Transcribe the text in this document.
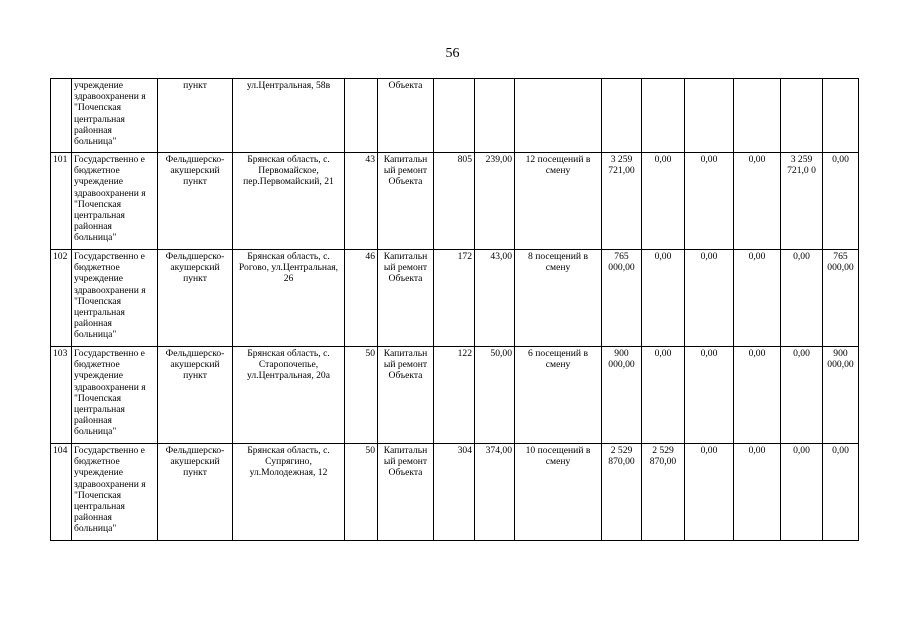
56
	учреждение здравоохранени я "Почепская центральная районная больница"	пункт	ул.Центральная, 58в		Объекта									
101	Государственно е бюджетное учреждение здравоохранени я "Почепская центральная районная больница"	Фельдшерско-акушерский пункт	Брянская область, с. Первомайское, пер.Первомайский, 21	43	Капитальн ый ремонт Объекта	805	239,00	12 посещений в смену	3 259 721,00	0,00	0,00	0,00	3 259 721,0 0	0,00
102	Государственно е бюджетное учреждение здравоохранени я "Почепская центральная районная больница"	Фельдшерско-акушерский пункт	Брянская область, с. Рогово, ул.Центральная, 26	46	Капитальн ый ремонт Объекта	172	43,00	8 посещений в смену	765 000,00	0,00	0,00	0,00	0,00	765 000,00
103	Государственно е бюджетное учреждение здравоохранени я "Почепская центральная районная больница"	Фельдшерско-акушерский пункт	Брянская область, с. Старопочепье, ул.Центральная, 20а	50	Капитальн ый ремонт Объекта	122	50,00	6 посещений в смену	900 000,00	0,00	0,00	0,00	0,00	900 000,00
104	Государственно е бюджетное учреждение здравоохранени я "Почепская центральная районная больница"	Фельдшерско-акушерский пункт	Брянская область, с. Супрягино, ул.Молодежная, 12	50	Капитальн ый ремонт Объекта	304	374,00	10 посещений в смену	2 529 870,00	2 529 870,00	0,00	0,00	0,00	0,00
